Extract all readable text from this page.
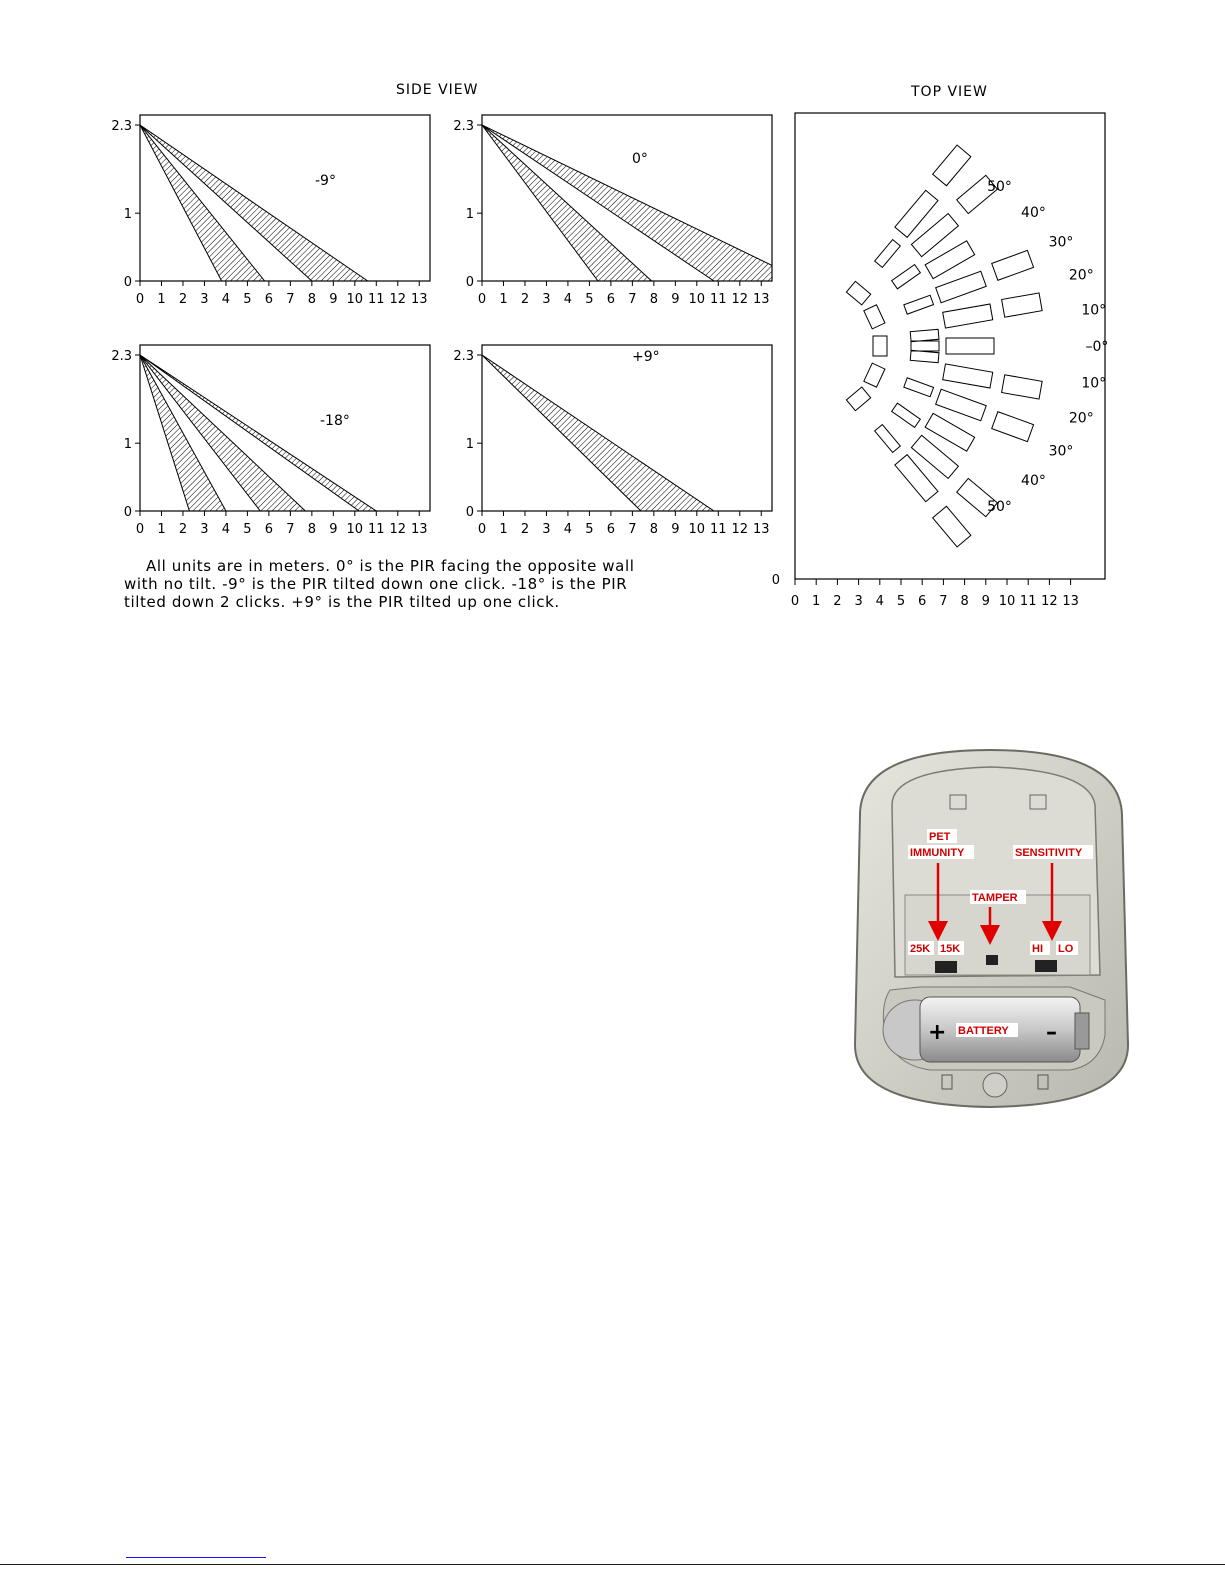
SIDE VIEW
2.3
1
0
0 1 2 3 4 5 6 7 8 9 10 11 12 13
-9°
2.3
1
0
0 1 2 3 4 5 6 7 8 9 10 11 12 13
0°
2.3
1
0
0 1 2 3 4 5 6 7 8 9 10 11 12 13
-18°
2.3
1
0
0 1 2 3 4 5 6 7 8 9 10 11 12 13
+9°
TOP VIEW
0 1 2 3 4 5 6 7 8 9 10 11 12 13
0
50°
40°
30°
20°
10°
–0°
10°
20°
30°
40°
50°
All units are in meters. 0° is the PIR facing the opposite wall
with no tilt. -9° is the PIR tilted down one click. -18° is the PIR
tilted down 2 clicks. +9° is the PIR tilted up one click.
PET
IMMUNITY	SENSITIVITY
TAMPER
25K 15K	HI LO
BATTERY
+	–
